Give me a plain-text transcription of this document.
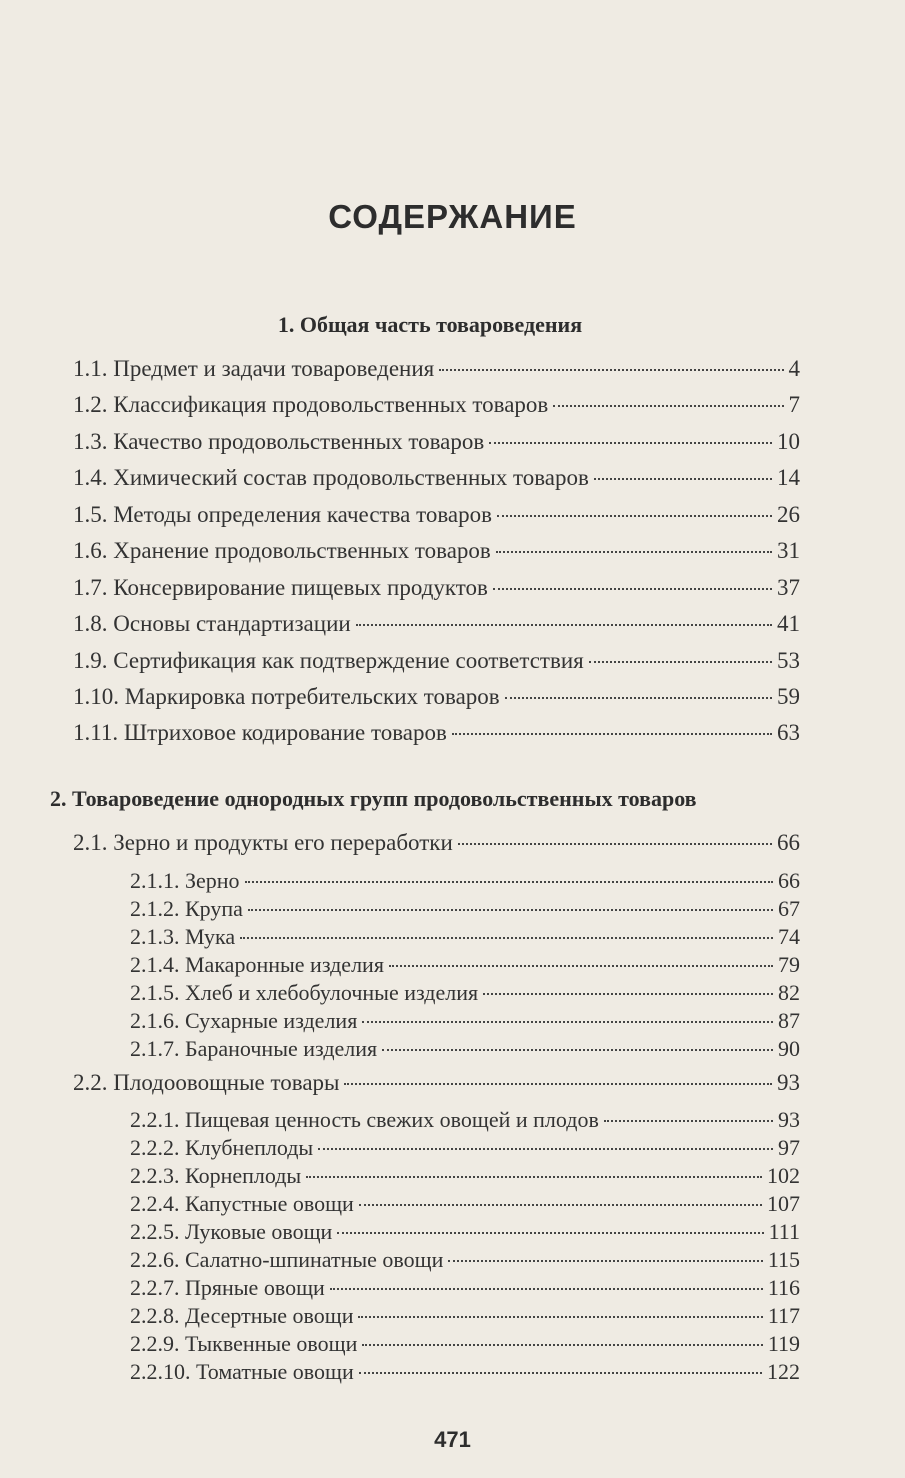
СОДЕРЖАНИЕ
1. Общая часть товароведения
1.1. Предмет и задачи товароведения	4
1.2. Классификация продовольственных товаров	7
1.3. Качество продовольственных товаров	10
1.4. Химический состав продовольственных товаров	14
1.5. Методы определения качества товаров	26
1.6. Хранение продовольственных товаров	31
1.7. Консервирование пищевых продуктов	37
1.8. Основы стандартизации	41
1.9. Сертификация как подтверждение соответствия	53
1.10. Маркировка потребительских товаров	59
1.11. Штриховое кодирование товаров	63
2. Товароведение однородных групп продовольственных товаров
2.1. Зерно и продукты его переработки	66
2.1.1. Зерно	66
2.1.2. Крупа	67
2.1.3. Мука	74
2.1.4. Макаронные изделия	79
2.1.5. Хлеб и хлебобулочные изделия	82
2.1.6. Сухарные изделия	87
2.1.7. Бараночные изделия	90
2.2. Плодоовощные товары	93
2.2.1. Пищевая ценность свежих овощей и плодов	93
2.2.2. Клубнеплоды	97
2.2.3. Корнеплоды	102
2.2.4. Капустные овощи	107
2.2.5. Луковые овощи	111
2.2.6. Салатно-шпинатные овощи	115
2.2.7. Пряные овощи	116
2.2.8. Десертные овощи	117
2.2.9. Тыквенные овощи	119
2.2.10. Томатные овощи	122
471
